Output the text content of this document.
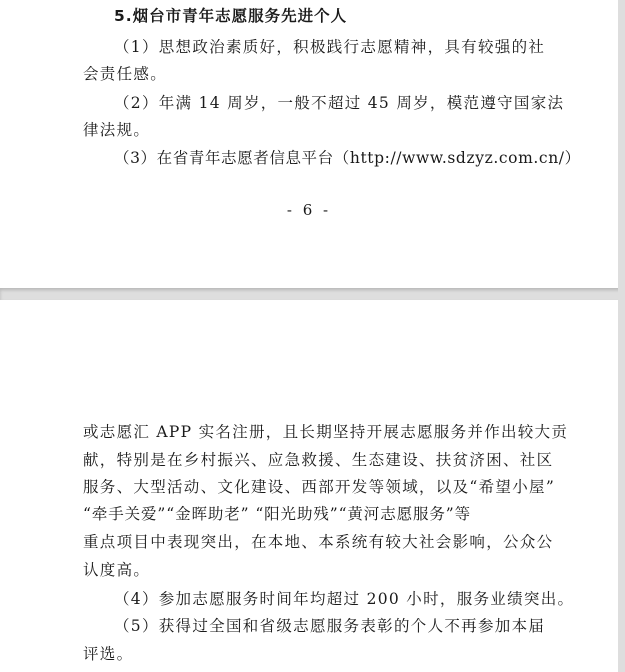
5.烟台市青年志愿服务先进个人
（1）思想政治素质好，积极践行志愿精神，具有较强的社
会责任感。
（2）年满 14 周岁，一般不超过 45 周岁，模范遵守国家法
律法规。
（3）在省青年志愿者信息平台（http://www.sdzyz.com.cn/）
- 6 -
或志愿汇 APP 实名注册，且长期坚持开展志愿服务并作出较大贡
献，特别是在乡村振兴、应急救援、生态建设、扶贫济困、社区
服务、大型活动、文化建设、西部开发等领域，以及“希望小屋”
“牵手关爱”“金晖助老” “阳光助残”“黄河志愿服务”等
重点项目中表现突出，在本地、本系统有较大社会影响，公众公
认度高。
（4）参加志愿服务时间年均超过 200 小时，服务业绩突出。
（5）获得过全国和省级志愿服务表彰的个人不再参加本届
评选。
